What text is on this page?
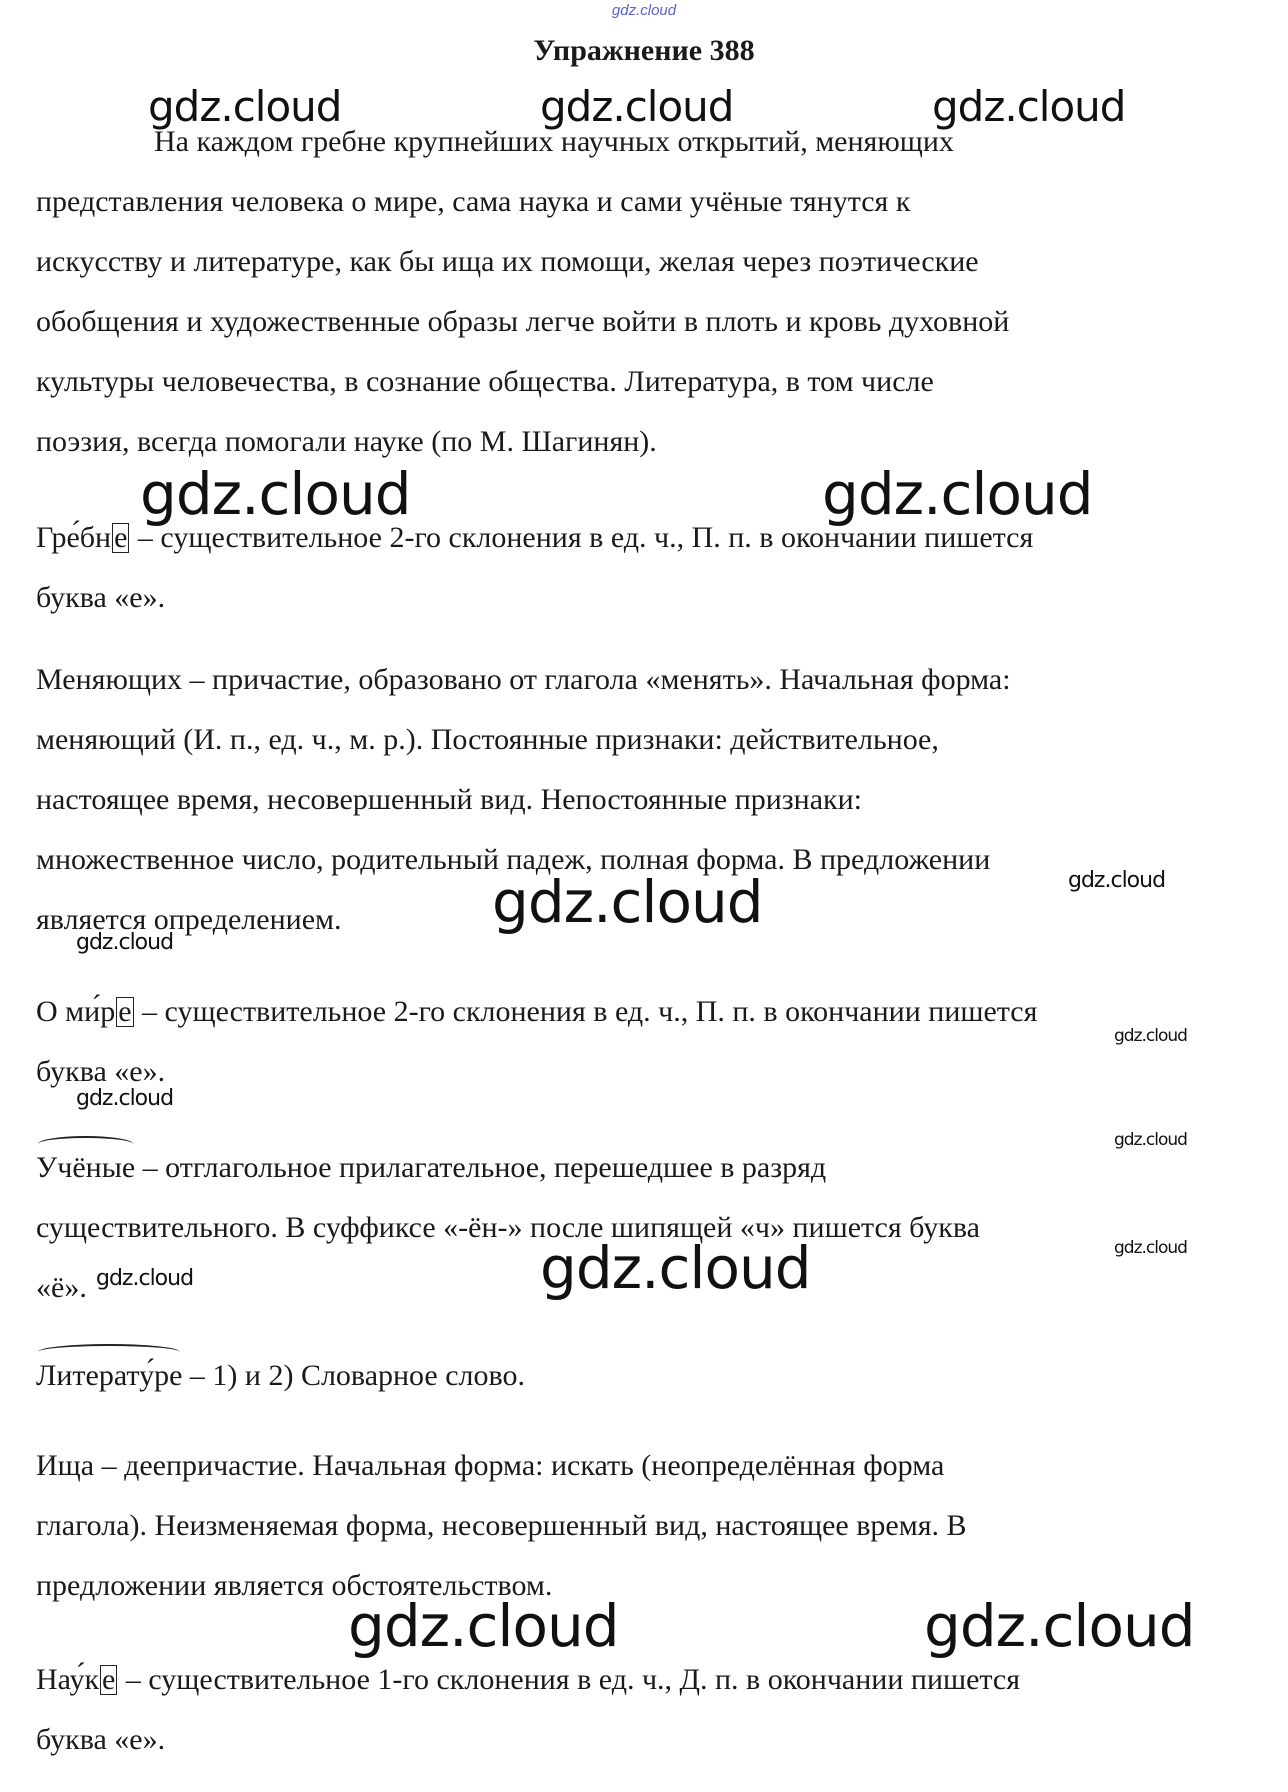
gdz.cloud
Упражнение 388
gdz.cloud	gdz.cloud	gdz.cloud
На каждом гребне крупнейших научных открытий, меняющих
представления человека о мире, сама наука и сами учёные тянутся к
искусству и литературе, как бы ища их помощи, желая через поэтические
обобщения и художественные образы легче войти в плоть и кровь духовной
культуры человечества, в сознание общества. Литература, в том числе
поэзия, всегда помогали науке (по М. Шагинян).
gdz.cloud	gdz.cloud
Гре́бн е – существительное 2-го склонения в ед. ч., П. п. в окончании пишется
буква «е».
Меняющих – причастие, образовано от глагола «менять». Начальная форма:
меняющий (И. п., ед. ч., м. р.). Постоянные признаки: действительное,
настоящее время, несовершенный вид. Непостоянные признаки:
множественное число, родительный падеж, полная форма. В предложении
является определением.
gdz.cloud
gdz.cloud
gdz.cloud
О ми́р е – существительное 2-го склонения в ед. ч., П. п. в окончании пишется
буква «е».
gdz.cloud
gdz.cloud
gdz.cloud
Учёные – отглагольное прилагательное, перешедшее в разряд
существительного. В суффиксе «-ён-» после шипящей «ч» пишется буква
«ё».
gdz.cloud
gdz.cloud
gdz.cloud
Литерату́ре – 1) и 2) Словарное слово.
Ища – деепричастие. Начальная форма: искать (неопределённая форма
глагола). Неизменяемая форма, несовершенный вид, настоящее время. В
предложении является обстоятельством.
gdz.cloud	gdz.cloud
Нау́к е – существительное 1-го склонения в ед. ч., Д. п. в окончании пишется
буква «е».
